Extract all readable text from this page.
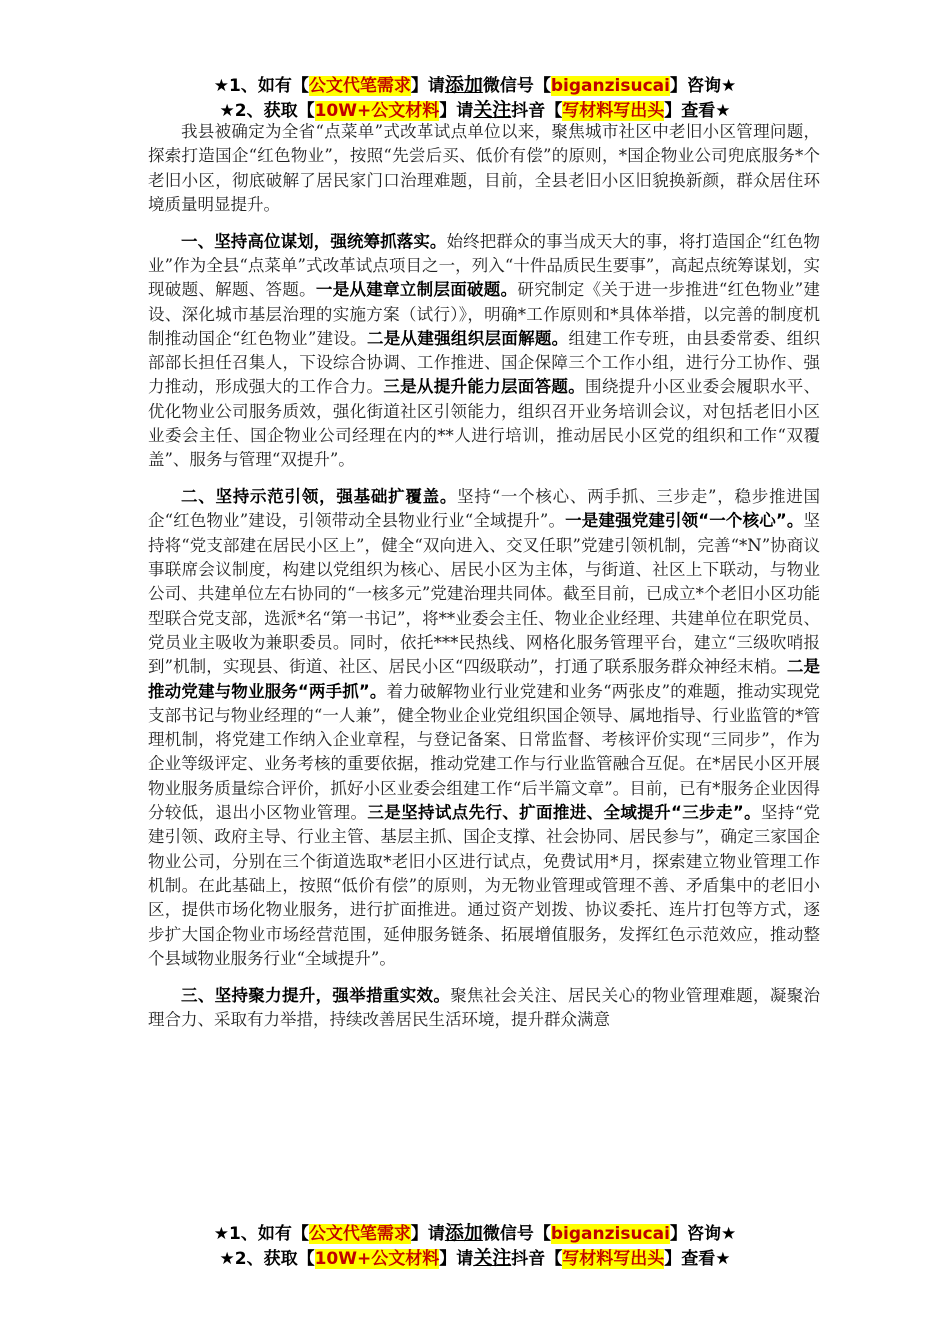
★1、如有【公文代笔需求】请添加微信号【biganzisucai】咨询★
★2、获取【10W+公文材料】请关注抖音【写材料写出头】查看★

我县被确定为全省“点菜单”式改革试点单位以来，聚焦城市社区中老旧小区管理问题，探索打造国企“红色物业”，按照“先尝后买、低价有偿”的原则，*国企物业公司兜底服务*个老旧小区，彻底破解了居民家门口治理难题，目前，全县老旧小区旧貌换新颜，群众居住环境质量明显提升。

一、坚持高位谋划，强统筹抓落实。始终把群众的事当成天大的事，将打造国企“红色物业”作为全县“点菜单”式改革试点项目之一，列入“十件品质民生要事”，高起点统筹谋划，实现破题、解题、答题。一是从建章立制层面破题。研究制定《关于进一步推进“红色物业”建设、深化城市基层治理的实施方案（试行）》，明确*工作原则和*具体举措，以完善的制度机制推动国企“红色物业”建设。二是从建强组织层面解题。组建工作专班，由县委常委、组织部部长担任召集人，下设综合协调、工作推进、国企保障三个工作小组，进行分工协作、强力推动，形成强大的工作合力。三是从提升能力层面答题。围绕提升小区业委会履职水平、优化物业公司服务质效，强化街道社区引领能力，组织召开业务培训会议，对包括老旧小区业委会主任、国企物业公司经理在内的**人进行培训，推动居民小区党的组织和工作“双覆盖”、服务与管理“双提升”。

二、坚持示范引领，强基础扩覆盖。坚持“一个核心、两手抓、三步走”，稳步推进国企“红色物业”建设，引领带动全县物业行业“全域提升”。一是建强党建引领“一个核心”。坚持将“党支部建在居民小区上”，健全“双向进入、交叉任职”党建引领机制，完善“*N”协商议事联席会议制度，构建以党组织为核心、居民小区为主体，与街道、社区上下联动，与物业公司、共建单位左右协同的“一核多元”党建治理共同体。截至目前，已成立*个老旧小区功能型联合党支部，选派*名“第一书记”，将**业委会主任、物业企业经理、共建单位在职党员、党员业主吸收为兼职委员。同时，依托***民热线、网格化服务管理平台，建立“三级吹哨报到”机制，实现县、街道、社区、居民小区“四级联动”，打通了联系服务群众神经末梢。二是推动党建与物业服务“两手抓”。着力破解物业行业党建和业务“两张皮”的难题，推动实现党支部书记与物业经理的“一人兼”，健全物业企业党组织国企领导、属地指导、行业监管的*管理机制，将党建工作纳入企业章程，与登记备案、日常监督、考核评价实现“三同步”，作为企业等级评定、业务考核的重要依据，推动党建工作与行业监管融合互促。在*居民小区开展物业服务质量综合评价，抓好小区业委会组建工作“后半篇文章”。目前，已有*服务企业因得分较低，退出小区物业管理。三是坚持试点先行、扩面推进、全域提升“三步走”。坚持“党建引领、政府主导、行业主管、基层主抓、国企支撑、社会协同、居民参与”，确定三家国企物业公司，分别在三个街道选取*老旧小区进行试点，免费试用*月，探索建立物业管理工作机制。在此基础上，按照“低价有偿”的原则，为无物业管理或管理不善、矛盾集中的老旧小区，提供市场化物业服务，进行扩面推进。通过资产划拨、协议委托、连片打包等方式，逐步扩大国企物业市场经营范围，延伸服务链条、拓展增值服务，发挥红色示范效应，推动整个县域物业服务行业“全域提升”。

三、坚持聚力提升，强举措重实效。聚焦社会关注、居民关心的物业管理难题，凝聚治理合力、采取有力举措，持续改善居民生活环境，提升群众满意

★1、如有【公文代笔需求】请添加微信号【biganzisucai】咨询★
★2、获取【10W+公文材料】请关注抖音【写材料写出头】查看★
